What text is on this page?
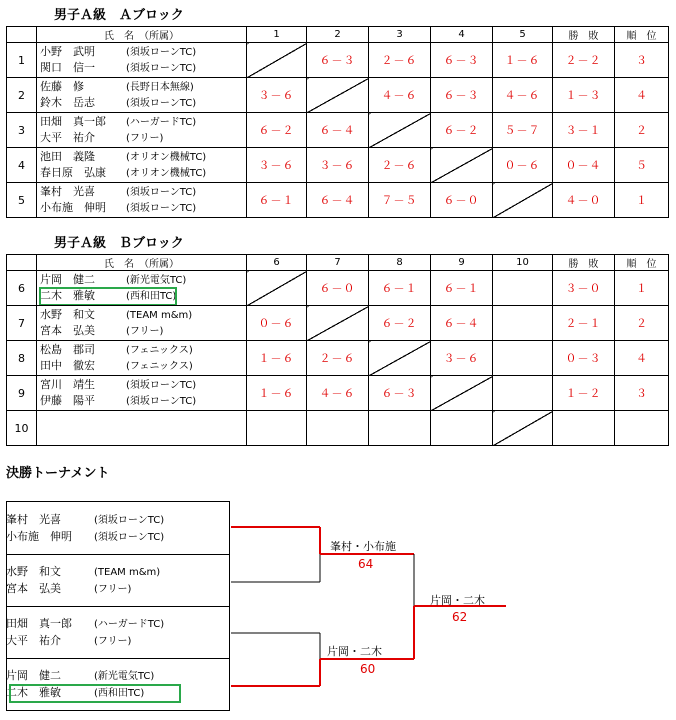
男子Ａ級　Ａブロック
	氏　名　（所属）	1	2	3	4	5	勝　敗	順　位
1	小野　武明 (須坂ローンTC)
関口　信一 (須坂ローンTC)		６－３	２－６	６－３	１－６	２－２	３
2	佐藤　修 (長野日本無線)
鈴木　岳志 (須坂ローンTC)	３－６		４－６	６－３	４－６	１－３	４
3	田畑　真一郎 (ハーガードTC)
大平　祐介 (フリー)	６－２	６－４		６－２	５－７	３－１	２
4	池田　義隆 (オリオン機械TC)
春日原　弘康 (オリオン機械TC)	３－６	３－６	２－６		０－６	０－４	５
5	峯村　光喜 (須坂ローンTC)
小布施　伸明 (須坂ローンTC)	６－１	６－４	７－５	６－０		４－０	１
男子Ａ級　Ｂブロック
	氏　名　（所属）	6	7	8	9	10	勝　敗	順　位
6	片岡　健二 (新光電気TC)
二木　雅敏 (西和田TC)		６－０	６－１	６－１		３－０	１
7	水野　和文 (TEAM m&m)
宮本　弘美 (フリー)	０－６		６－２	６－４		２－１	２
8	松島　郡司 (フェニックス)
田中　徹宏 (フェニックス)	１－６	２－６		３－６		０－３	４
9	宮川　靖生 (須坂ローンTC)
伊藤　陽平 (須坂ローンTC)	１－６	４－６	６－３			１－２	３
10	

決勝トーナメント
峯村　光喜	(須坂ローンTC)
小布施　伸明 (須坂ローンTC)
水野　和文	(TEAM m&m)
宮本　弘美	(フリー)
田畑　真一郎 (ハーガードTC)
大平　祐介	(フリー)
片岡　健二	(新光電気TC)
二木　雅敏	(西和田TC)
峯村・小布施
64
片岡・二木
60
片岡・二木
62
